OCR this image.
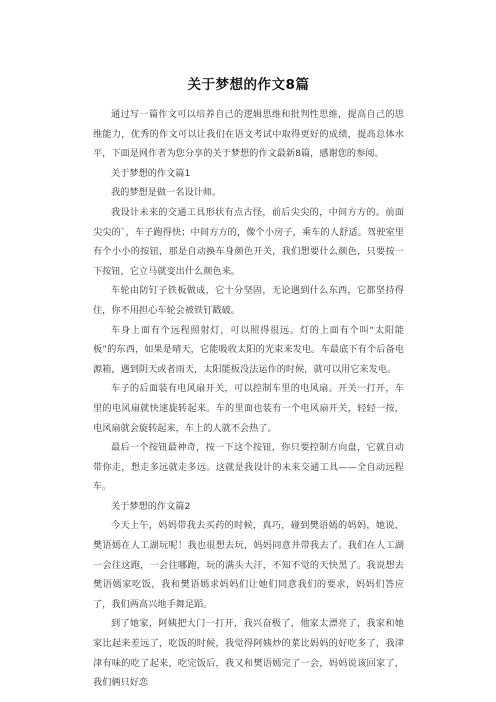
关于梦想的作文8篇

通过写一篇作文可以培养自己的逻辑思维和批判性思维，提高自己的思维能力，优秀的作文可以让我们在语文考试中取得更好的成绩，提高总体水平，下面是网作者为您分享的关于梦想的作文最新8篇，感谢您的参阅。

关于梦想的作文篇1

我的梦想是做一名设计师。

我设计未来的交通工具形状有点古怪，前后尖尖的，中间方方的。前面尖尖的`，车子跑得快；中间方方的，像个小房子，乘车的人舒适。驾驶室里有个小小的按钮，那是自动换车身颜色开关，我们想要什么颜色，只要按一下按钮，它立马就变出什么颜色来。

车轮由防钉子铁板做成，它十分坚固，无论遇到什么东西，它都坚持得住，你不用担心车轮会被铁钉戳破。

车身上面有个远程照射灯，可以照得很远。灯的上面有个叫“太阳能板”的东西，如果是晴天，它能吸收太阳的光束来发电。车最底下有个后备电源箱，遇到阴天或者雨天，太阳能板没法运作的时候，就可以用它来发电。

车子的后面装有电风扇开关，可以控制车里的电风扇。开关一打开，车里的电风扇就快速旋转起来。车的里面也装有一个电风扇开关，轻轻一按，电风扇就会旋转起来，车上的人就不会热了。

最后一个按钮最神奇，按一下这个按钮，你只要控制方向盘，它就自动带你走，想走多远就走多远。这就是我设计的未来交通工具——全自动远程车。

关于梦想的作文篇2

今天上午，妈妈带我去买药的时候，真巧，碰到樊语嫣的妈妈，她说，樊语嫣在人工湖玩呢！我也很想去玩，妈妈同意并带我去了。我们在人工湖一会往这跑，一会往哪跑，玩的满头大汗，不知不觉的天快黑了。我说想去樊语嫣家吃饭，我和樊语嫣求妈妈们让她们同意我们的要求，妈妈们答应了，我们两高兴地手舞足蹈。

到了她家，阿姨把大门一打开，我兴奋极了，他家太漂亮了，我家和她家比起来差远了，吃饭的时候，我觉得阿姨炒的菜比妈妈的好吃多了，我津津有味的吃了起来，吃完饭后，我又和樊语嫣完了一会，妈妈说该回家了，我们俩只好恋
